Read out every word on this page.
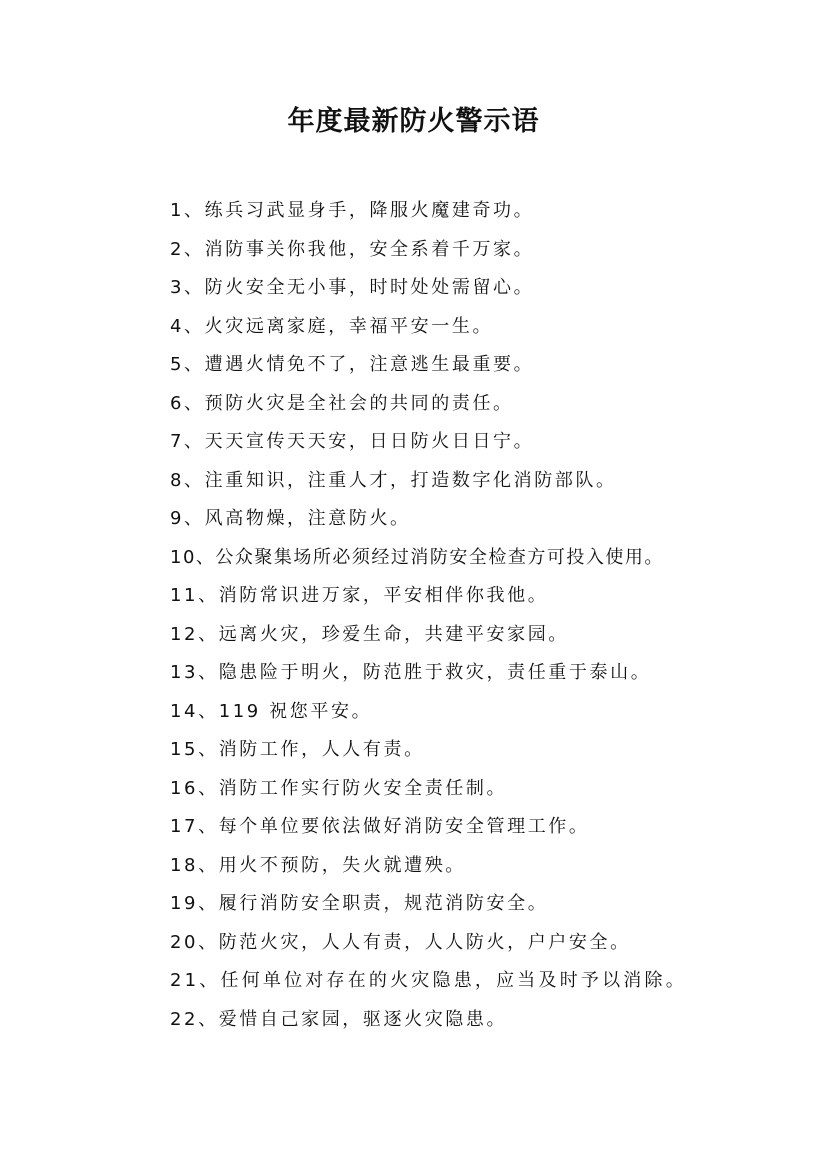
年度最新防火警示语
1、练兵习武显身手，降服火魔建奇功。
2、消防事关你我他，安全系着千万家。
3、防火安全无小事，时时处处需留心。
4、火灾远离家庭，幸福平安一生。
5、遭遇火情免不了，注意逃生最重要。
6、预防火灾是全社会的共同的责任。
7、天天宣传天天安，日日防火日日宁。
8、注重知识，注重人才，打造数字化消防部队。
9、风高物燥，注意防火。
10、公众聚集场所必须经过消防安全检查方可投入使用。
11、消防常识进万家，平安相伴你我他。
12、远离火灾，珍爱生命，共建平安家园。
13、隐患险于明火，防范胜于救灾，责任重于泰山。
14、119 祝您平安。
15、消防工作，人人有责。
16、消防工作实行防火安全责任制。
17、每个单位要依法做好消防安全管理工作。
18、用火不预防，失火就遭殃。
19、履行消防安全职责，规范消防安全。
20、防范火灾，人人有责，人人防火，户户安全。
21、任何单位对存在的火灾隐患，应当及时予以消除。
22、爱惜自己家园，驱逐火灾隐患。
